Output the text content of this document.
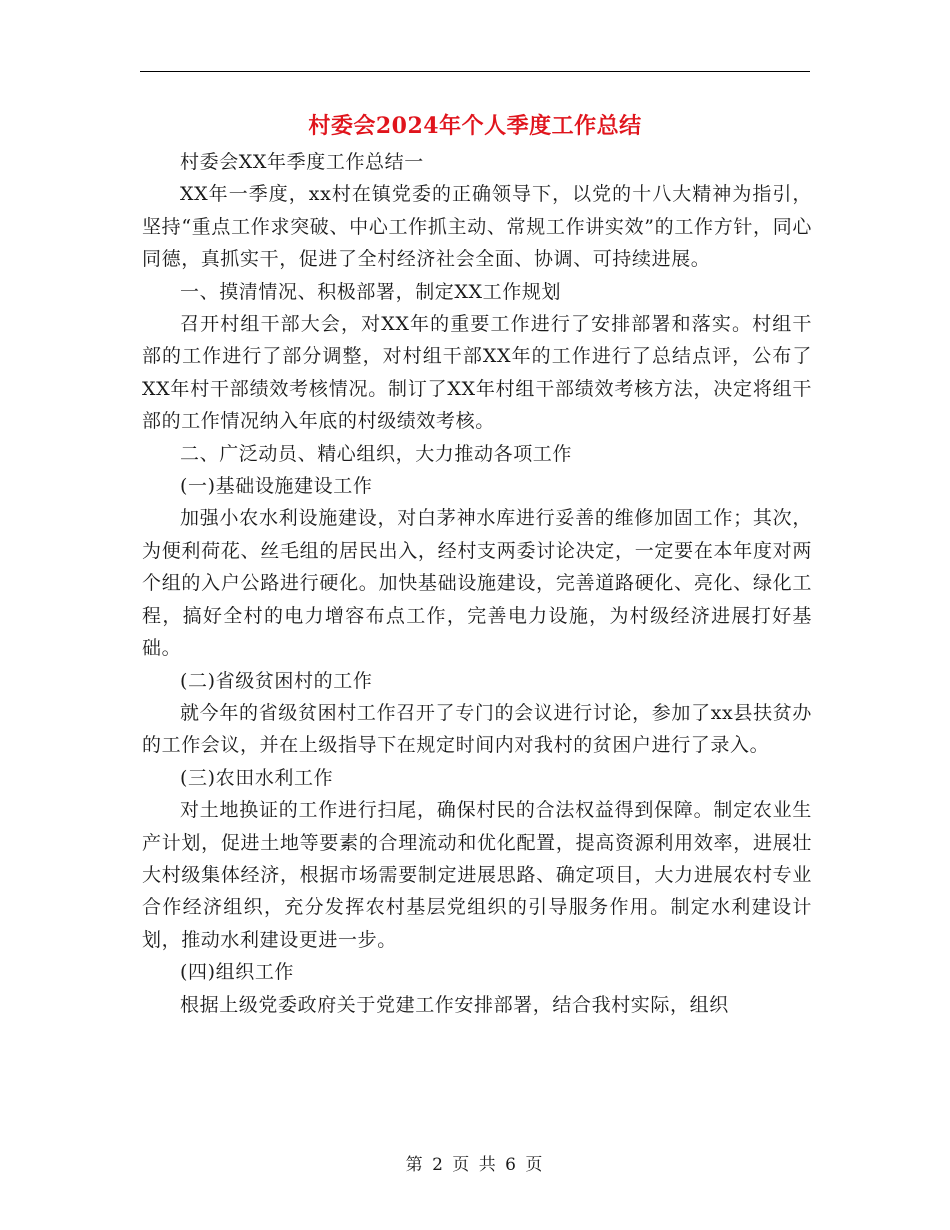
村委会2024年个人季度工作总结

村委会XX年季度工作总结一

XX年一季度，xx村在镇党委的正确领导下，以党的十八大精神为指引，坚持“重点工作求突破、中心工作抓主动、常规工作讲实效”的工作方针，同心同德，真抓实干，促进了全村经济社会全面、协调、可持续进展。

一、摸清情况、积极部署，制定XX工作规划

召开村组干部大会，对XX年的重要工作进行了安排部署和落实。村组干部的工作进行了部分调整，对村组干部XX年的工作进行了总结点评，公布了XX年村干部绩效考核情况。制订了XX年村组干部绩效考核方法，决定将组干部的工作情况纳入年底的村级绩效考核。

二、广泛动员、精心组织，大力推动各项工作

(一)基础设施建设工作

加强小农水利设施建设，对白茅神水库进行妥善的维修加固工作；其次，为便利荷花、丝毛组的居民出入，经村支两委讨论决定，一定要在本年度对两个组的入户公路进行硬化。加快基础设施建设，完善道路硬化、亮化、绿化工程，搞好全村的电力增容布点工作，完善电力设施，为村级经济进展打好基础。

(二)省级贫困村的工作

就今年的省级贫困村工作召开了专门的会议进行讨论，参加了xx县扶贫办的工作会议，并在上级指导下在规定时间内对我村的贫困户进行了录入。

(三)农田水利工作

对土地换证的工作进行扫尾，确保村民的合法权益得到保障。制定农业生产计划，促进土地等要素的合理流动和优化配置，提高资源利用效率，进展壮大村级集体经济，根据市场需要制定进展思路、确定项目，大力进展农村专业合作经济组织，充分发挥农村基层党组织的引导服务作用。制定水利建设计划，推动水利建设更进一步。

(四)组织工作

根据上级党委政府关于党建工作安排部署，结合我村实际，组织

第 2 页 共 6 页
